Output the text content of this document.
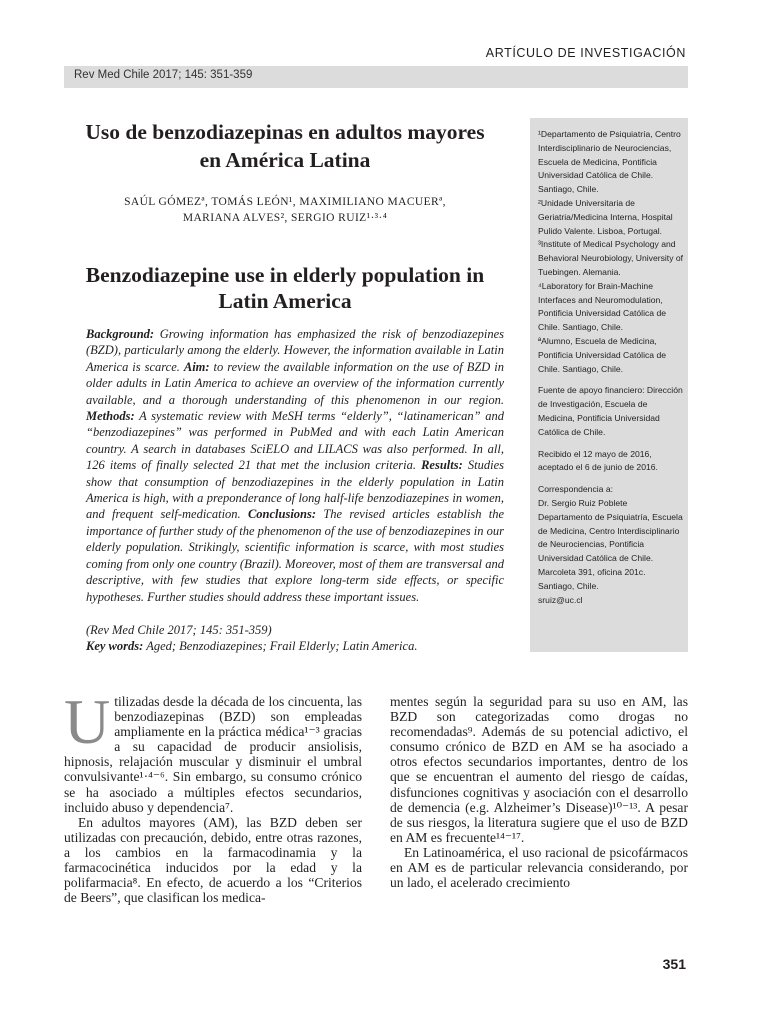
ARTÍCULO DE INVESTIGACIÓN
Rev Med Chile 2017; 145: 351-359
Uso de benzodiazepinas en adultos mayores en América Latina
SAÚL GÓMEZª, TOMÁS LEÓN¹, MAXIMILIANO MACUERª,
MARIANA ALVES², SERGIO RUIZ¹·³·⁴
Benzodiazepine use in elderly population in Latin America

Background: Growing information has emphasized the risk of benzodiazepines (BZD), particularly among the elderly. However, the information available in Latin America is scarce. Aim: to review the available information on the use of BZD in older adults in Latin America to achieve an overview of the information currently available, and a thorough understanding of this phenomenon in our region. Methods: A systematic review with MeSH terms “elderly”, “latinamerican” and “benzodiazepines” was performed in PubMed and with each Latin American country. A search in databases SciELO and LILACS was also performed. In all, 126 items of finally selected 21 that met the inclusion criteria. Results: Studies show that consumption of benzodiazepines in the elderly population in Latin America is high, with a preponderance of long half-life benzodiazepines in women, and frequent self-medication. Conclusions: The revised articles establish the importance of further study of the phenomenon of the use of benzodiazepines in our elderly population. Strikingly, scientific information is scarce, with most studies coming from only one country (Brazil). Moreover, most of them are transversal and descriptive, with few studies that explore long-term side effects, or specific hypotheses. Further studies should address these important issues.

(Rev Med Chile 2017; 145: 351-359)

Key words: Aged; Benzodiazepines; Frail Elderly; Latin America.

¹Departamento de Psiquiatría, Centro Interdisciplinario de Neurociencias, Escuela de Medicina, Pontificia Universidad Católica de Chile. Santiago, Chile.

²Unidade Universitaria de Geriatria/Medicina Interna, Hospital Pulido Valente. Lisboa, Portugal.

³Institute of Medical Psychology and Behavioral Neurobiology, University of Tuebingen. Alemania.

⁴Laboratory for Brain-Machine Interfaces and Neuromodulation, Pontificia Universidad Católica de Chile. Santiago, Chile.

ªAlumno, Escuela de Medicina, Pontificia Universidad Católica de Chile. Santiago, Chile.

Fuente de apoyo financiero: Dirección de Investigación, Escuela de Medicina, Pontificia Universidad Católica de Chile.

Recibido el 12 mayo de 2016, aceptado el 6 de junio de 2016.

Correspondencia a:

Dr. Sergio Ruiz Poblete Departamento de Psiquiatría, Escuela de Medicina, Centro Interdisciplinario de Neurociencias, Pontificia Universidad Católica de Chile. Marcoleta 391, oficina 201c. Santiago, Chile.

sruiz@uc.cl

Utilizadas desde la década de los cincuenta, las benzodiazepinas (BZD) son empleadas ampliamente en la práctica médica¹⁻³ gracias a su capacidad de producir ansiolisis, hipnosis, relajación muscular y disminuir el umbral convulsivante¹·⁴⁻⁶. Sin embargo, su consumo crónico se ha asociado a múltiples efectos secundarios, incluido abuso y dependencia⁷.

En adultos mayores (AM), las BZD deben ser utilizadas con precaución, debido, entre otras razones, a los cambios en la farmacodinamia y la farmacocinética inducidos por la edad y la polifarmacia⁸. En efecto, de acuerdo a los “Criterios de Beers”, que clasifican los medica-

mentes según la seguridad para su uso en AM, las BZD son categorizadas como drogas no recomendadas⁹. Además de su potencial adictivo, el consumo crónico de BZD en AM se ha asociado a otros efectos secundarios importantes, dentro de los que se encuentran el aumento del riesgo de caídas, disfunciones cognitivas y asociación con el desarrollo de demencia (e.g. Alzheimer’s Disease)¹⁰⁻¹³. A pesar de sus riesgos, la literatura sugiere que el uso de BZD en AM es frecuente¹⁴⁻¹⁷.

En Latinoamérica, el uso racional de psicofármacos en AM es de particular relevancia considerando, por un lado, el acelerado crecimiento

351
